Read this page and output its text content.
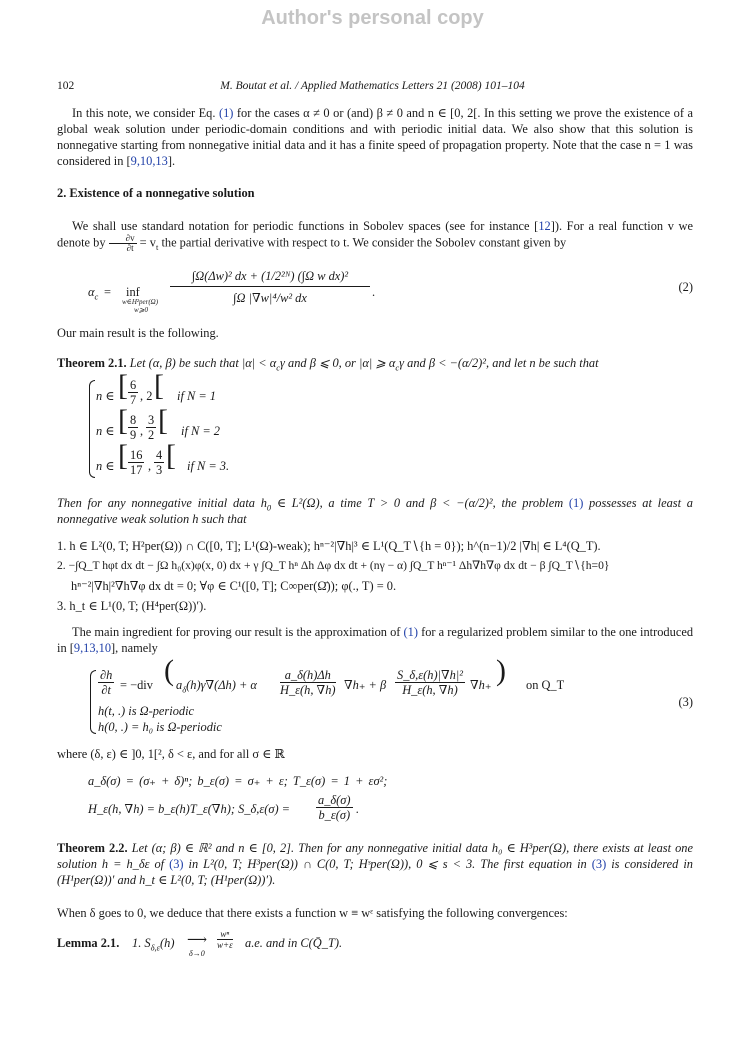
Author's personal copy
102	M. Boutat et al. / Applied Mathematics Letters 21 (2008) 101–104
In this note, we consider Eq. (1) for the cases α ≠ 0 or (and) β ≠ 0 and n ∈ [0, 2[. In this setting we prove the existence of a global weak solution under periodic-domain conditions and with periodic initial data. We also show that this solution is nonnegative starting from nonnegative initial data and it has a finite speed of propagation property. Note that the case n = 1 was considered in [9,10,13].
2. Existence of a nonnegative solution
We shall use standard notation for periodic functions in Sobolev spaces (see for instance [12]). For a real function v we denote by $\frac{\partial v}{\partial t} = v_t$ the partial derivative with respect to t. We consider the Sobolev constant given by
$\alpha_c$ = inf
w∈H²per(Ω)
w⩾0
$\frac{\text{∫Ω(Δw)² dx + (1/2²ᴺ) (∫Ω w dx)²}}{\text{∫Ω |∇w|⁴/w² dx}}$ .	(2)
Our main result is the following.
Theorem 2.1. Let (α, β) be such that $|\alpha| < \alpha_c\gamma$ and β ⩽ 0, or |α| ⩾ $\alpha_c\gamma$ and β < −(α/2)², and let n be such that
n ∈ [ $\frac{6}{7}$ , 2 [ if N = 1
n ∈ [ $\frac{8}{9}$ , $\frac{3}{2}$ [ if N = 2
n ∈ [ $\frac{16}{17}$ , $\frac{4}{3}$ [ if N = 3.
Then for any nonnegative initial data $h_0$ ∈ L²(Ω), a time T > 0 and β < −(α/2)², the problem (1) possesses at least a nonnegative weak solution h such that
1. h ∈ L²(0, T; H²per(Ω)) ∩ C([0, T]; L¹(Ω)-weak); hⁿ⁻²|∇h|³ ∈ L¹(Q_T∖{h = 0}); h^(n−1)/2 |∇h| ∈ L⁴(Q_T).
2. −∫Q_T hφt dx dt − ∫Ω h₀(x)φ(x, 0) dx + γ ∫Q_T hⁿ Δh Δφ dx dt + (nγ − α) ∫Q_T hⁿ⁻¹ Δh∇h∇φ dx dt − β ∫Q_T∖{h=0}
hⁿ⁻²|∇h|²∇h∇φ dx dt = 0; ∀φ ∈ C¹([0, T]; C∞per(Ω̄)); φ(., T) = 0.
3. h_t ∈ L¹(0, T; (H⁴per(Ω))′).
The main ingredient for proving our result is the approximation of (1) for a regularized problem similar to the one introduced in [9,13,10], namely
$\frac{\partial h}{\partial t} = -div$ ( $a_\delta(h)\gamma\nabla(\Delta h) + \alpha \frac{a\_\delta(h)\Delta h}{H\_\varepsilon(h, \nabla h)} \nabla h_+ + \beta \frac{\text{S\_δ,ε(h)|∇h|²}}{H\_\varepsilon(h, \nabla h)} \nabla h_+$ ) on Q_T
h(t, .) is Ω-periodic
h(0, .) = h₀ is Ω-periodic
(3)
where (δ, ε) ∈ ]0, 1[², δ < ε, and for all σ ∈ ℝ
a_δ(σ) = (σ₊ + δ)ⁿ; b_ε(σ) = σ₊ + ε; T_ε(σ) = 1 + εσ²;
H_ε(h, ∇h) = b_ε(h)T_ε(∇h); S_δ,ε(σ) = $\frac{a\_\delta(\sigma)}{b\_\varepsilon(\sigma)}$ .
Theorem 2.2. Let (α; β) ∈ ℝ² and n ∈ [0, 2]. Then for any nonnegative initial data h₀ ∈ H³per(Ω), there exists at least one solution h = h_δε of (3) in L²(0, T; H³per(Ω)) ∩ C(0, T; Hˢper(Ω)), 0 ⩽ s < 3. The first equation in (3) is considered in (H¹per(Ω))′ and h_t ∈ L²(0, T; (H¹per(Ω))′).
When δ goes to 0, we deduce that there exists a function w ≡ wᵋ satisfying the following convergences:
Lemma 2.1. 1. $S_{\delta,\varepsilon}(h)$ ⟶
δ→0
$\frac{\text{wⁿ}}{w+\varepsilon} a.e$. and in C(Q̄_T).
